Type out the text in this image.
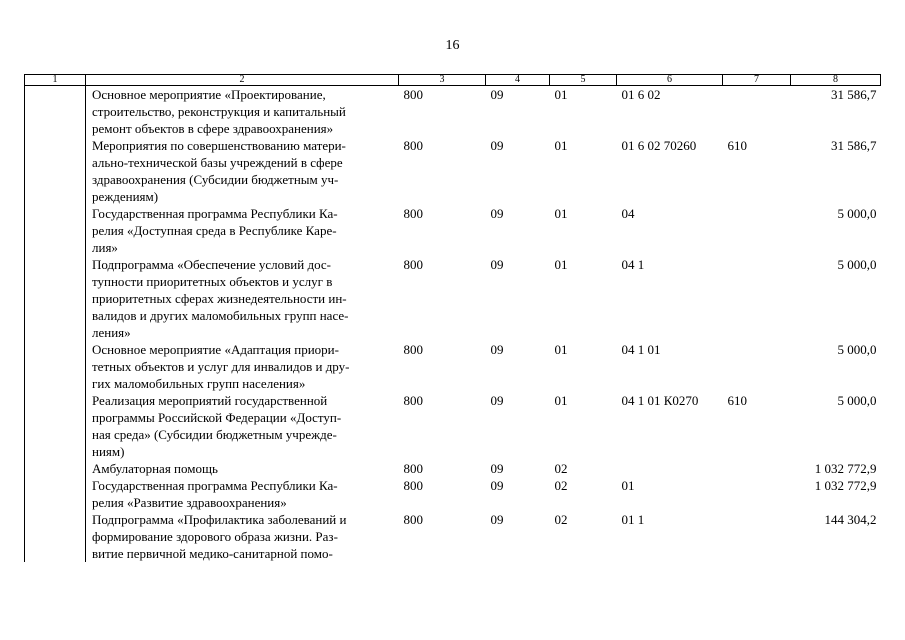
16
1	2	3	4	5	6	7	8

	Основное мероприятие «Проектирование,
строительство, реконструкция и капитальный
ремонт объектов в сфере здравоохранения»	800	09	01	01 6 02		31 586,7

	Мероприятия по совершенствованию матери-
ально-технической базы учреждений в сфере
здравоохранения (Субсидии бюджетным уч-
реждениям)	800	09	01	01 6 02 70260	610	31 586,7

	Государственная программа Республики Ка-
релия «Доступная среда в Республике Каре-
лия»	800	09	01	04		5 000,0

	Подпрограмма «Обеспечение условий дос-
тупности приоритетных объектов и услуг в
приоритетных сферах жизнедеятельности ин-
валидов и других маломобильных групп насе-
ления»	800	09	01	04 1		5 000,0

	Основное мероприятие «Адаптация приори-
тетных объектов и услуг для инвалидов и дру-
гих маломобильных групп населения»	800	09	01	04 1 01		5 000,0

	Реализация мероприятий государственной
программы Российской Федерации «Доступ-
ная среда» (Субсидии бюджетным учрежде-
ниям)	800	09	01	04 1 01 К0270	610	5 000,0

	Амбулаторная помощь	800	09	02			1 032 772,9

	Государственная программа Республики Ка-
релия «Развитие здравоохранения»	800	09	02	01		1 032 772,9

	Подпрограмма «Профилактика заболеваний и
формирование здорового образа жизни. Раз-
витие первичной медико-санитарной помо-	800	09	02	01 1		144 304,2
